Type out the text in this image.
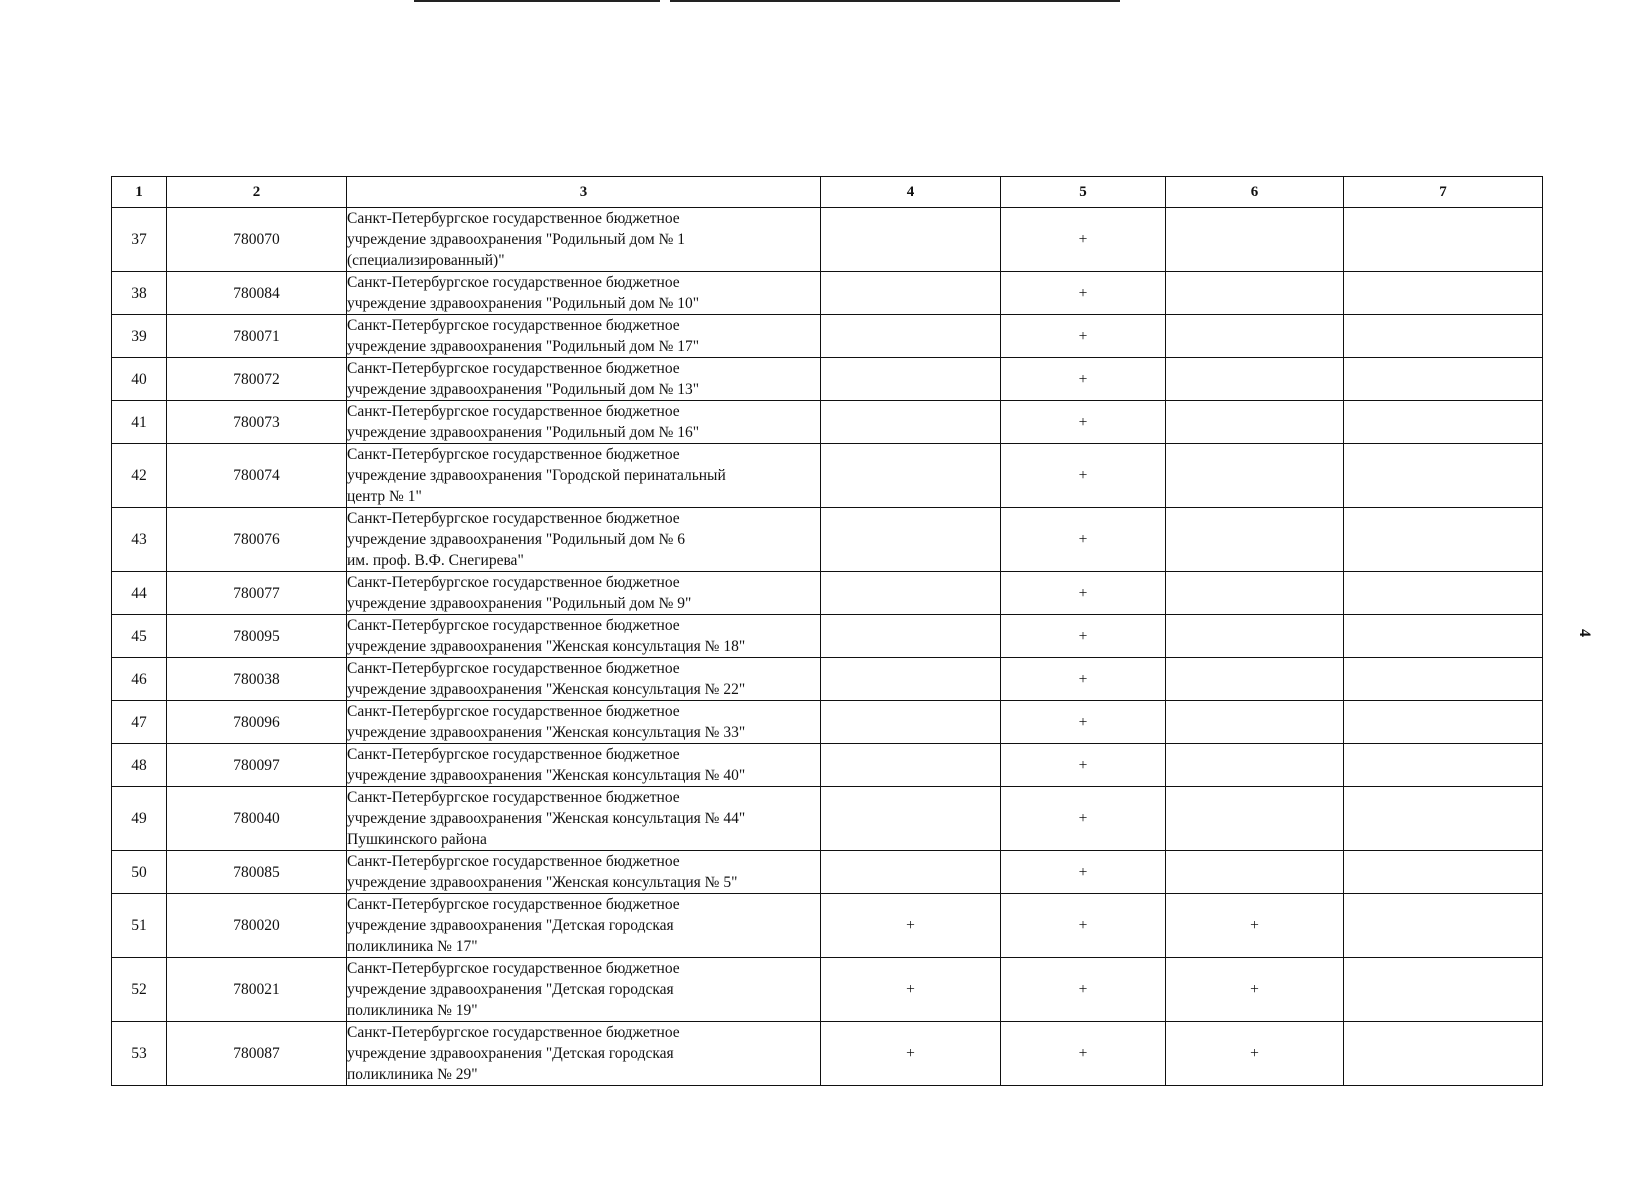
1	2	3	4	5	6	7
37	780070	Санкт-Петербургское государственное бюджетное
учреждение здравоохранения "Родильный дом № 1
(специализированный)"		+		
38	780084	Санкт-Петербургское государственное бюджетное
учреждение здравоохранения "Родильный дом № 10"		+		
39	780071	Санкт-Петербургское государственное бюджетное
учреждение здравоохранения "Родильный дом № 17"		+		
40	780072	Санкт-Петербургское государственное бюджетное
учреждение здравоохранения "Родильный дом № 13"		+		
41	780073	Санкт-Петербургское государственное бюджетное
учреждение здравоохранения "Родильный дом № 16"		+		
42	780074	Санкт-Петербургское государственное бюджетное
учреждение здравоохранения "Городской перинатальный
центр № 1"		+		
43	780076	Санкт-Петербургское государственное бюджетное
учреждение здравоохранения "Родильный дом № 6
им. проф. В.Ф. Снегирева"		+		
44	780077	Санкт-Петербургское государственное бюджетное
учреждение здравоохранения "Родильный дом № 9"		+		
45	780095	Санкт-Петербургское государственное бюджетное
учреждение здравоохранения "Женская консультация № 18"		+		
46	780038	Санкт-Петербургское государственное бюджетное
учреждение здравоохранения "Женская консультация № 22"		+		
47	780096	Санкт-Петербургское государственное бюджетное
учреждение здравоохранения "Женская консультация № 33"		+		
48	780097	Санкт-Петербургское государственное бюджетное
учреждение здравоохранения "Женская консультация № 40"		+		
49	780040	Санкт-Петербургское государственное бюджетное
учреждение здравоохранения "Женская консультация № 44"
Пушкинского района		+		
50	780085	Санкт-Петербургское государственное бюджетное
учреждение здравоохранения "Женская консультация № 5"		+		
51	780020	Санкт-Петербургское государственное бюджетное
учреждение здравоохранения "Детская городская
поликлиника № 17"	+	+	+	
52	780021	Санкт-Петербургское государственное бюджетное
учреждение здравоохранения "Детская городская
поликлиника № 19"	+	+	+	
53	780087	Санкт-Петербургское государственное бюджетное
учреждение здравоохранения "Детская городская
поликлиника № 29"	+	+	+	
4
